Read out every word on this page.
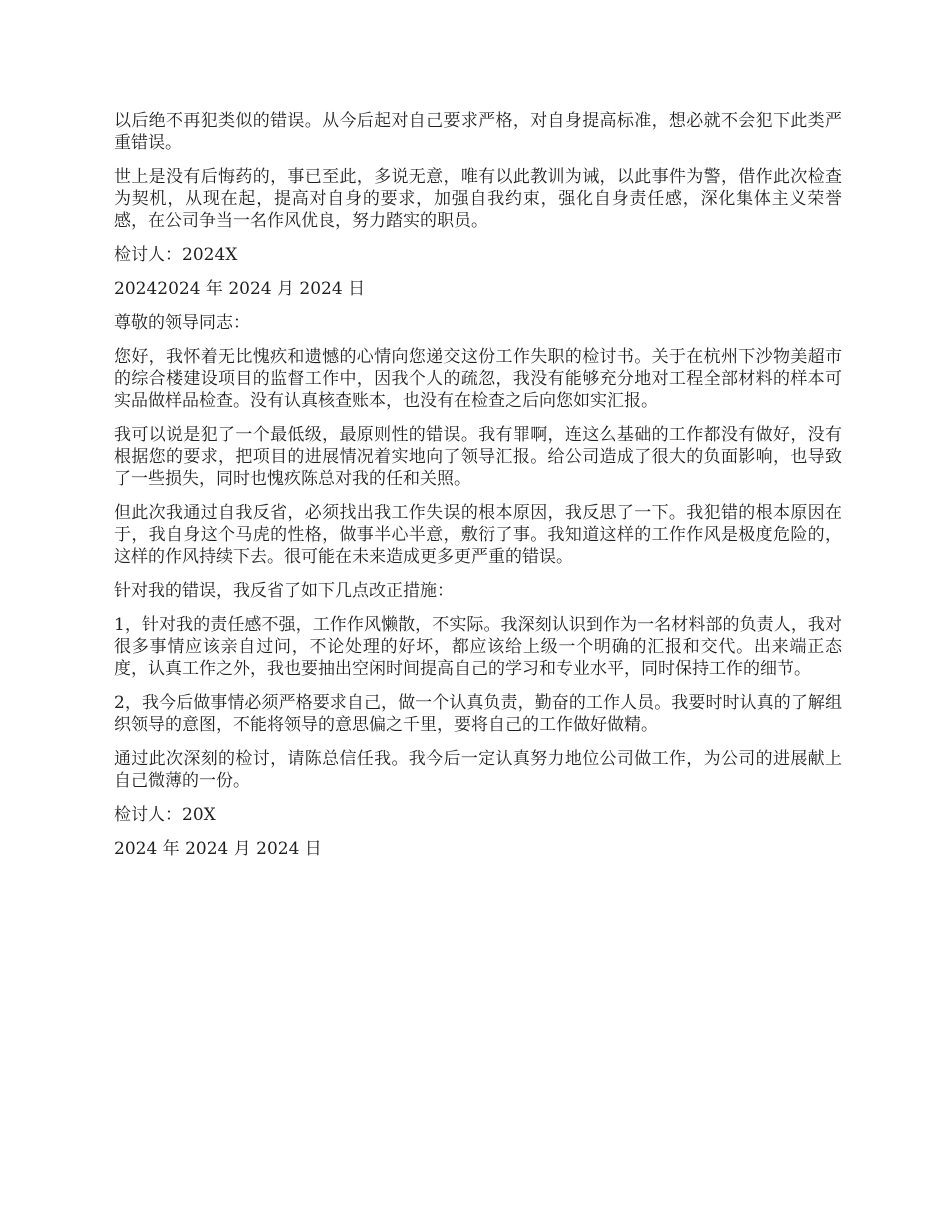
以后绝不再犯类似的错误。从今后起对自己要求严格，对自身提高标准，想必就不会犯下此类严重错误。

世上是没有后悔药的，事已至此，多说无意，唯有以此教训为诫，以此事件为警，借作此次检查为契机，从现在起，提高对自身的要求，加强自我约束，强化自身责任感，深化集体主义荣誉感，在公司争当一名作风优良，努力踏实的职员。

检讨人：2024X

20242024 年 2024 月 2024 日

尊敬的领导同志：

您好，我怀着无比愧疚和遗憾的心情向您递交这份工作失职的检讨书。关于在杭州下沙物美超市的综合楼建设项目的监督工作中，因我个人的疏忽，我没有能够充分地对工程全部材料的样本可实品做样品检查。没有认真核查账本，也没有在检查之后向您如实汇报。

我可以说是犯了一个最低级，最原则性的错误。我有罪啊，连这么基础的工作都没有做好，没有根据您的要求，把项目的进展情况着实地向了领导汇报。给公司造成了很大的负面影响，也导致了一些损失，同时也愧疚陈总对我的任和关照。

但此次我通过自我反省，必须找出我工作失误的根本原因，我反思了一下。我犯错的根本原因在于，我自身这个马虎的性格，做事半心半意，敷衍了事。我知道这样的工作作风是极度危险的，这样的作风持续下去。很可能在未来造成更多更严重的错误。

针对我的错误，我反省了如下几点改正措施：

1，针对我的责任感不强，工作作风懒散，不实际。我深刻认识到作为一名材料部的负责人，我对很多事情应该亲自过问，不论处理的好坏，都应该给上级一个明确的汇报和交代。出来端正态度，认真工作之外，我也要抽出空闲时间提高自己的学习和专业水平，同时保持工作的细节。

2，我今后做事情必须严格要求自己，做一个认真负责，勤奋的工作人员。我要时时认真的了解组织领导的意图，不能将领导的意思偏之千里，要将自己的工作做好做精。

通过此次深刻的检讨，请陈总信任我。我今后一定认真努力地位公司做工作，为公司的进展献上自己微薄的一份。

检讨人：20X

2024 年 2024 月 2024 日
